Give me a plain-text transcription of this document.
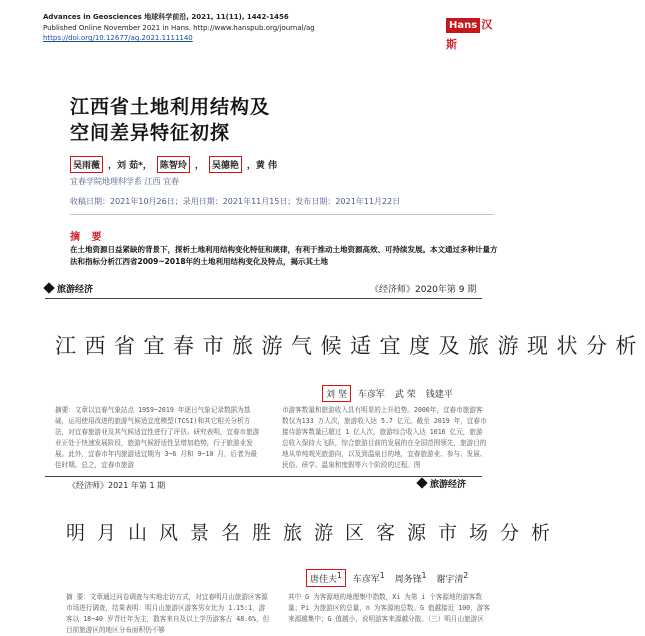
Advances in Geosciences 地球科学前沿, 2021, 11(11), 1442-1456
Published Online November 2021 in Hans. http://www.hanspub.org/journal/ag
https://doi.org/10.12677/ag.2021.1111140
Hans 汉斯
江西省土地利用结构及
空间差异特征初探
吴雨薇 ，刘 茹*， 陈智玲 ， 吴德艳 ，黄 伟
宜春学院地理科学系 江西 宜春
收稿日期：2021年10月26日；录用日期：2021年11月15日；发布日期：2021年11月22日
摘 要
在土地资源日益紧缺的背景下，探析土地利用结构变化特征和规律，有利于推动土地资源高效、可持续发展。本文通过多种计量方法和指标分析江西省2009~2018年的土地利用结构变化及特点，揭示其土地
旅游经济	《经济师》2020年第 9 期
江西省宜春市旅游气候适宜度及旅游现状分析
刘 坚 车彦军 武 荣 钱建平
摘要：文章以宜春气象站点 1959~2019 年逐日气象记录数据为基础，运用使用改进的旅游气候适宜度模型(TCSI)和其它相关分析方法，对宜春旅游业及其气候适宜性进行了评估。研究表明，宜春市旅游业正处于快速发展阶段，旅游气候舒适性呈增加趋势，行于旅游业发展。此外，宜春市年内旅游适宜期为 3~6 月和 9~10 月，后者为最佳时期。总之，宜春市旅游
市游客数量和旅游收入具有明显的上升趋势。2000年，宜春市旅游客数仅为133 万人次，旅游收入达 5.7 亿元。截至 2019 年，宜春市接待游客数量已超过 1 亿人次，旅游综合收入达 1016 亿元，旅游总收入保持大飞跃，综合旅游目前的发展的在全国范围领先，旅游目的地从单纯观光旅游向，以及到温泉目的地，宜春旅游业、参与、发展、民俗、研学、温泉和度假等六个阶段的过程。图
《经济师》2021 年第 1 期	旅游经济
明月山风景名胜旅游区客源市场分析
唐佳夫$^1$ 车彦军$^1$ 周务锋$^1$ 谢宇清$^2$
摘 要：文章通过问卷调查与实地走访方式，对宜春明月山旅游区客源市场进行调查，结果表明：明月山旅游区游客男女比为 1.15:1，游客以 18~40 岁青壮年为主，散客来自及以上学历游客占 48.6%，但目前旅游区的地区分布面积仍不够
其中 G 为客源地的地理集中指数，Xi 为第 i 个客源地的游客数量；Pi 为旅游区的总量，n 为客源地总数。G 值越接近 100，游客来源越集中；G 值越小，说明游客来源越分散。（三）明月山旅游区
